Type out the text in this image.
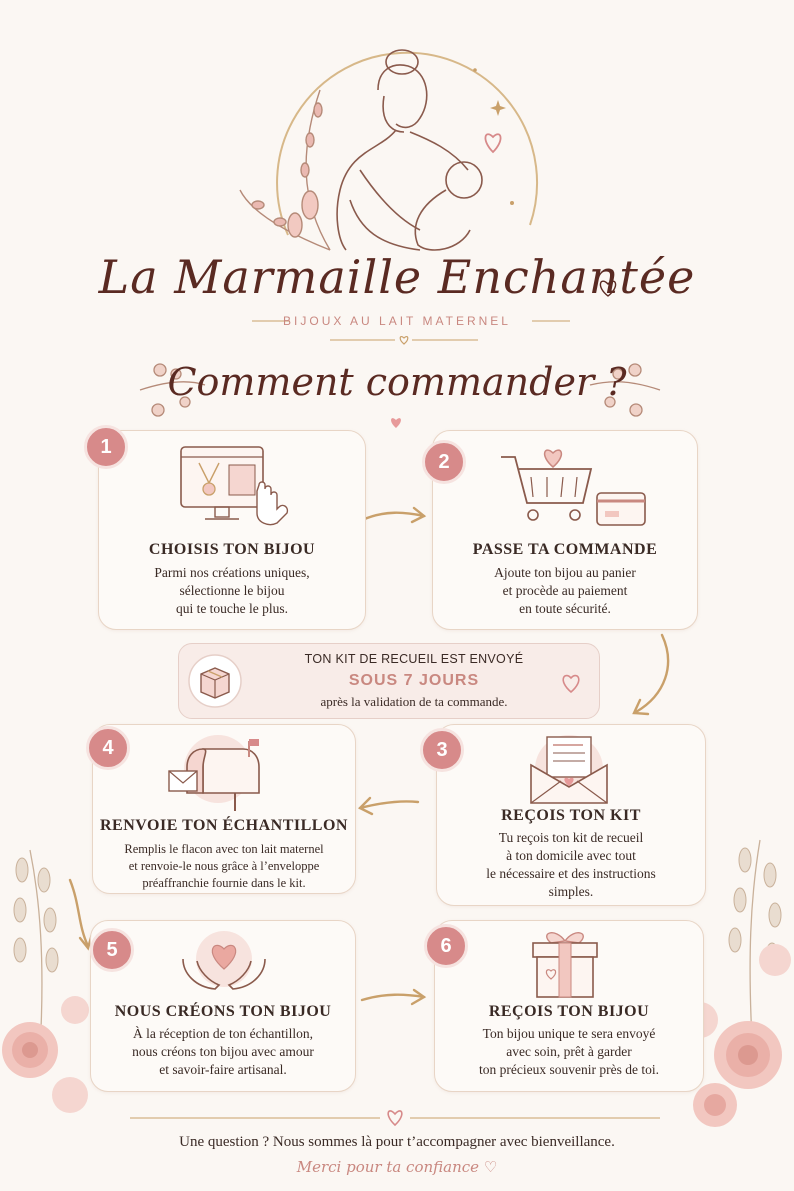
La Marmaille Enchantée
BIJOUX AU LAIT MATERNEL
Comment commander ?
CHOISIS TON BIJOU
Parmi nos créations uniques,
sélectionne le bijou
qui te touche le plus.
1
PASSE TA COMMANDE
Ajoute ton bijou au panier
et procède au paiement
en toute sécurité.
2
TON KIT DE RECUEIL EST ENVOYÉ
SOUS 7 JOURS
après la validation de ta commande.
RENVOIE TON ÉCHANTILLON
Remplis le flacon avec ton lait maternel
et renvoie-le nous grâce à l’enveloppe
préaffranchie fournie dans le kit.
4
REÇOIS TON KIT
Tu reçois ton kit de recueil
à ton domicile avec tout
le nécessaire et des instructions
simples.
3
NOUS CRÉONS TON BIJOU
À la réception de ton échantillon,
nous créons ton bijou avec amour
et savoir-faire artisanal.
5
REÇOIS TON BIJOU
Ton bijou unique te sera envoyé
avec soin, prêt à garder
ton précieux souvenir près de toi.
6
Une question ? Nous sommes là pour t’accompagner avec bienveillance.
Merci pour ta confiance ♡
